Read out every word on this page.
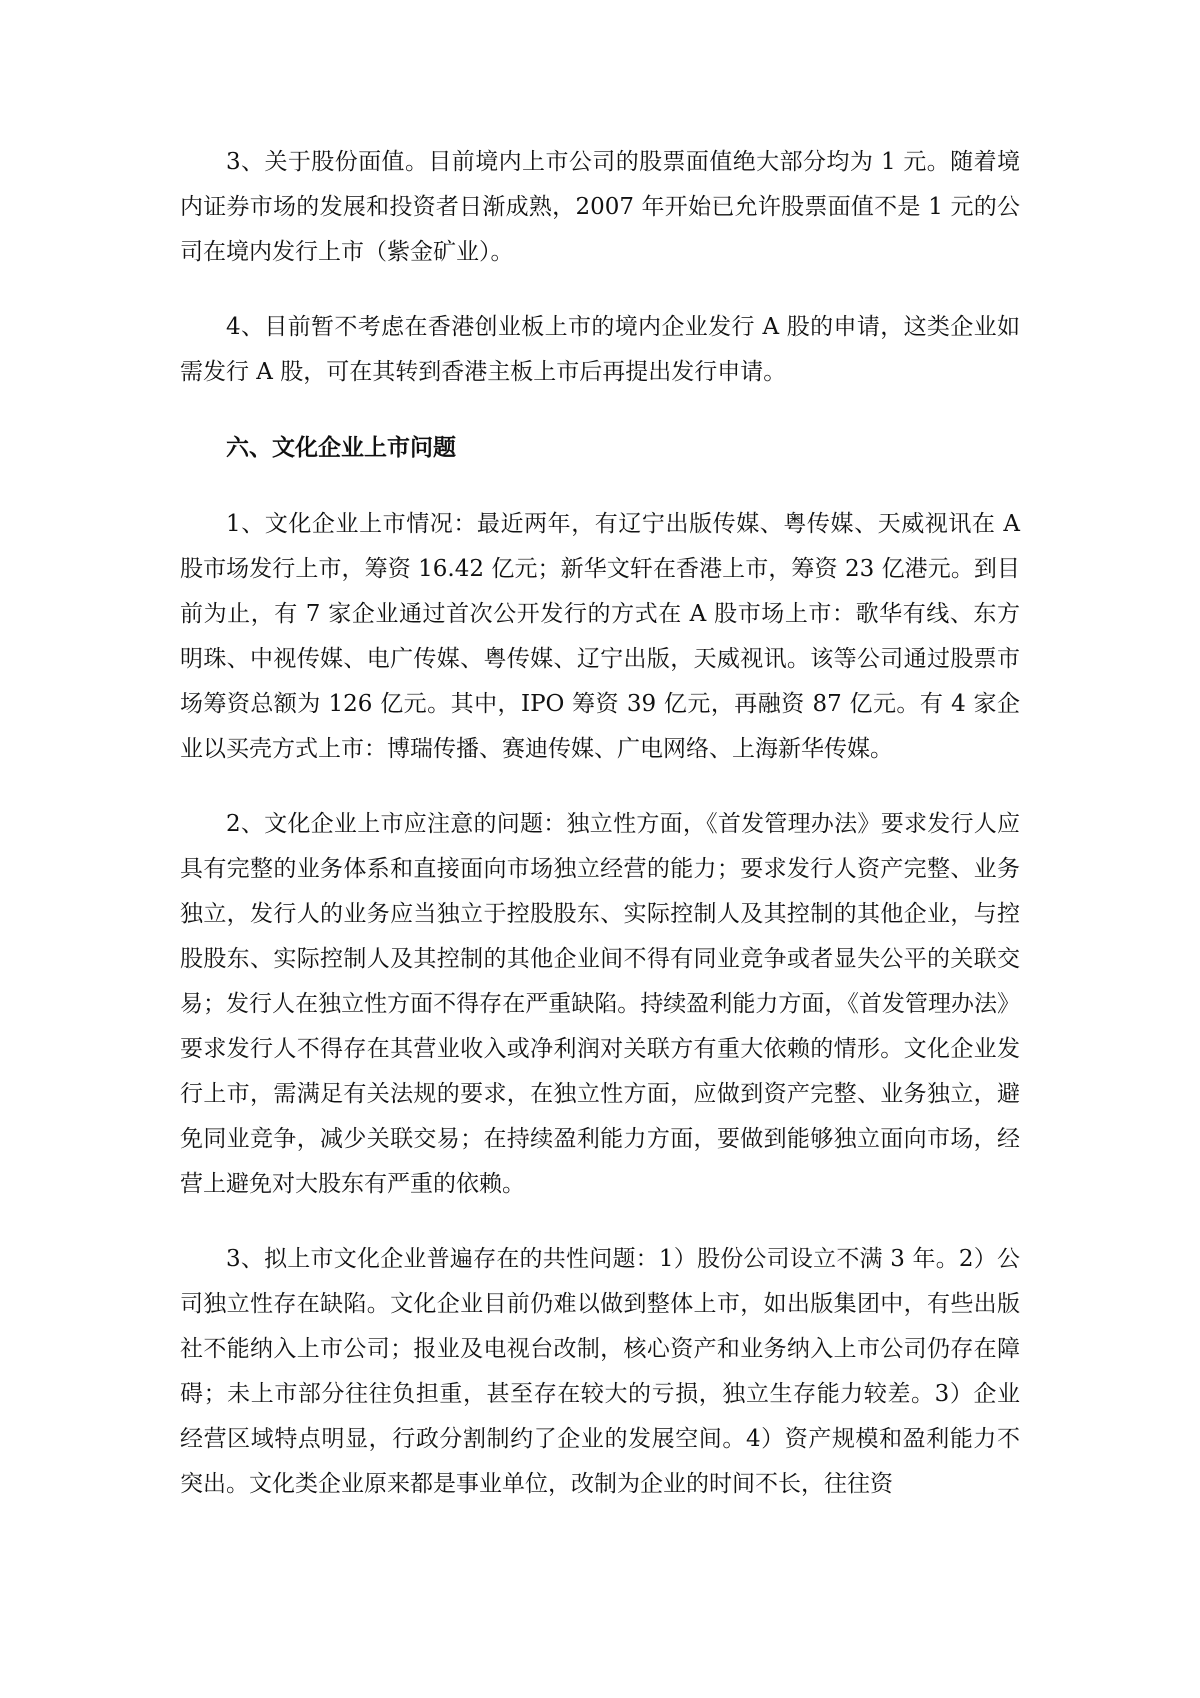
3、关于股份面值。目前境内上市公司的股票面值绝大部分均为 1 元。随着境内证券市场的发展和投资者日渐成熟，2007 年开始已允许股票面值不是 1 元的公司在境内发行上市（紫金矿业）。

4、目前暂不考虑在香港创业板上市的境内企业发行 A 股的申请，这类企业如需发行 A 股，可在其转到香港主板上市后再提出发行申请。

六、文化企业上市问题

1、文化企业上市情况：最近两年，有辽宁出版传媒、粤传媒、天威视讯在 A 股市场发行上市，筹资 16.42 亿元；新华文轩在香港上市，筹资 23 亿港元。到目前为止，有 7 家企业通过首次公开发行的方式在 A 股市场上市：歌华有线、东方明珠、中视传媒、电广传媒、粤传媒、辽宁出版，天威视讯。该等公司通过股票市场筹资总额为 126 亿元。其中，IPO 筹资 39 亿元，再融资 87 亿元。有 4 家企业以买壳方式上市：博瑞传播、赛迪传媒、广电网络、上海新华传媒。

2、文化企业上市应注意的问题：独立性方面，《首发管理办法》要求发行人应具有完整的业务体系和直接面向市场独立经营的能力；要求发行人资产完整、业务独立，发行人的业务应当独立于控股股东、实际控制人及其控制的其他企业，与控股股东、实际控制人及其控制的其他企业间不得有同业竞争或者显失公平的关联交易；发行人在独立性方面不得存在严重缺陷。持续盈利能力方面，《首发管理办法》要求发行人不得存在其营业收入或净利润对关联方有重大依赖的情形。文化企业发行上市，需满足有关法规的要求，在独立性方面，应做到资产完整、业务独立，避免同业竞争，减少关联交易；在持续盈利能力方面，要做到能够独立面向市场，经营上避免对大股东有严重的依赖。

3、拟上市文化企业普遍存在的共性问题：1）股份公司设立不满 3 年。2）公司独立性存在缺陷。文化企业目前仍难以做到整体上市，如出版集团中，有些出版社不能纳入上市公司；报业及电视台改制，核心资产和业务纳入上市公司仍存在障碍；未上市部分往往负担重，甚至存在较大的亏损，独立生存能力较差。3）企业经营区域特点明显，行政分割制约了企业的发展空间。4）资产规模和盈利能力不突出。文化类企业原来都是事业单位，改制为企业的时间不长，往往资
